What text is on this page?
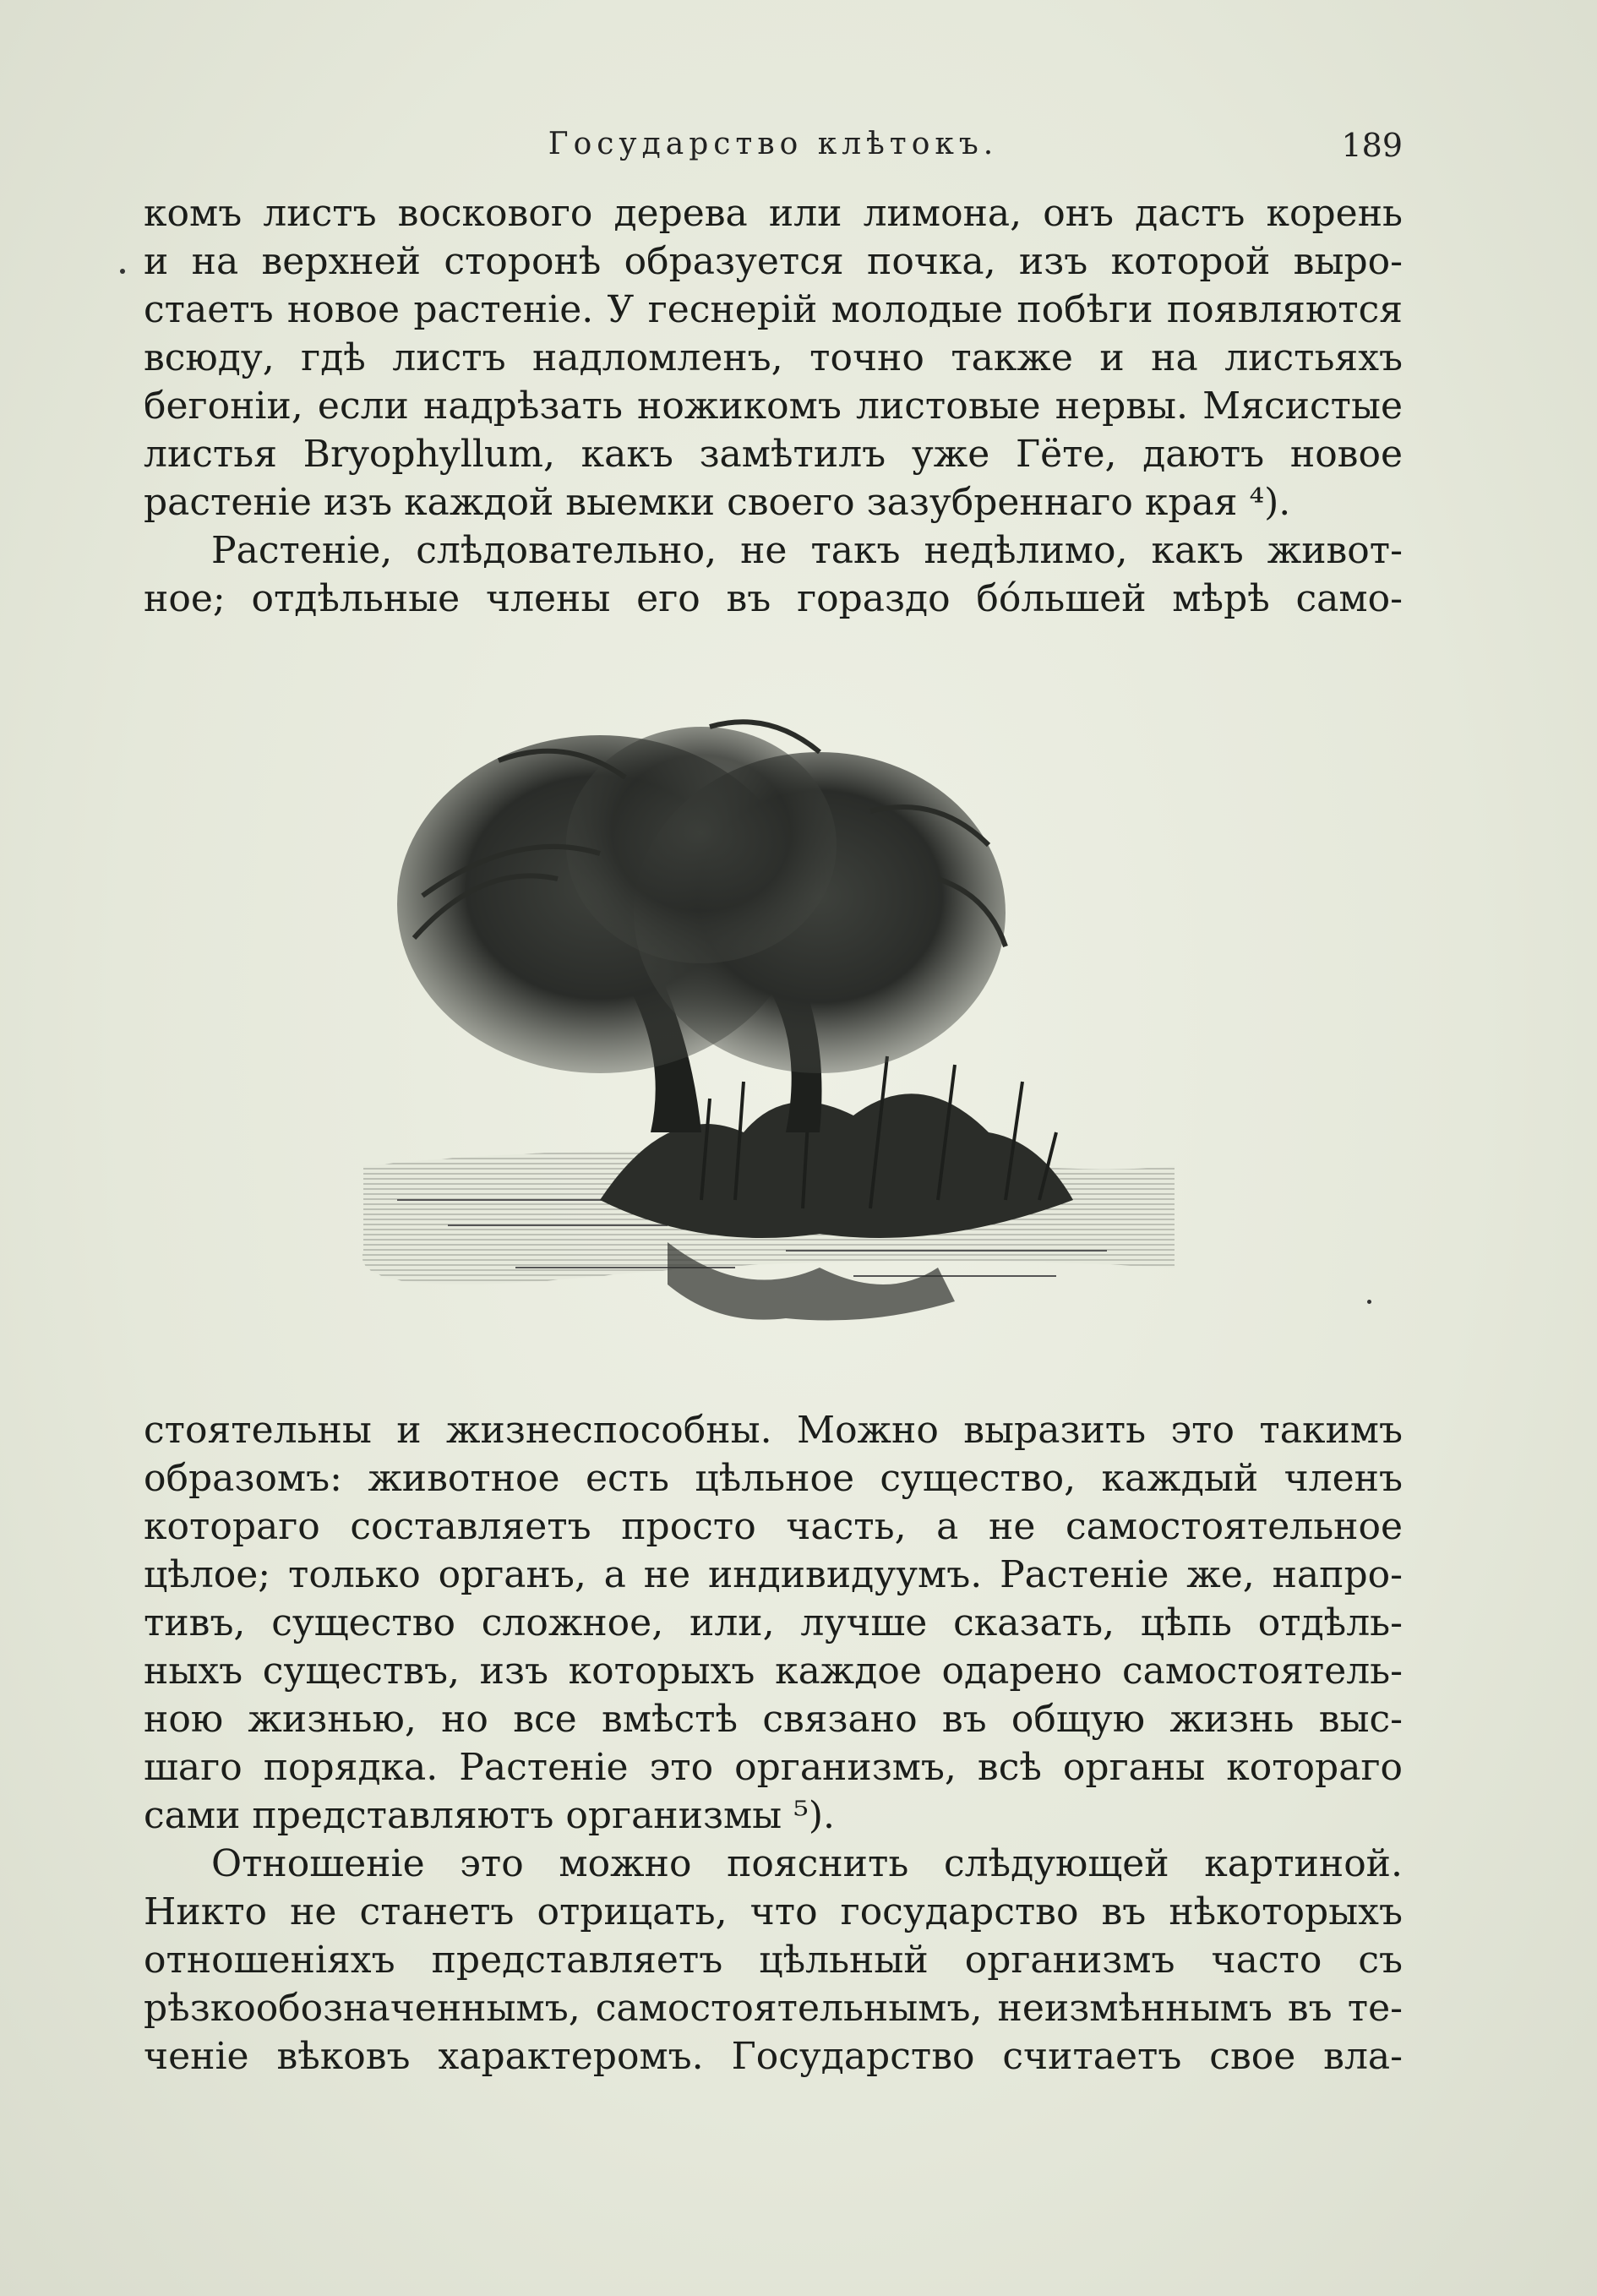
Государство клѣтокъ.	189
комъ листъ воскового дерева или лимона, онъ дастъ корень
и на верхней сторонѣ образуется почка, изъ которой выро-
стаетъ новое растеніе. У геснерій молодые побѣги появляются
всюду, гдѣ листъ надломленъ, точно также и на листьяхъ
бегоніи, если надрѣзать ножикомъ листовые нервы. Мясистые
листья Bryophyllum, какъ замѣтилъ уже Гёте, даютъ новое
растеніе изъ каждой выемки своего зазубреннаго края ⁴).
Растеніе, слѣдовательно, не такъ недѣлимо, какъ живот-
ное; отдѣльные члены его въ гораздо бóльшей мѣрѣ само-
стоятельны и жизнеспособны. Можно выразить это такимъ
образомъ: животное есть цѣльное существо, каждый членъ
котораго составляетъ просто часть, а не самостоятельное
цѣлое; только органъ, а не индивидуумъ. Растеніе же, напро-
тивъ, существо сложное, или, лучше сказать, цѣпь отдѣль-
ныхъ существъ, изъ которыхъ каждое одарено самостоятель-
ною жизнью, но все вмѣстѣ связано въ общую жизнь выс-
шаго порядка. Растеніе это организмъ, всѣ органы котораго
сами представляютъ организмы ⁵).
Отношеніе это можно пояснить слѣдующей картиной.
Никто не станетъ отрицать, что государство въ нѣкоторыхъ
отношеніяхъ представляетъ цѣльный организмъ часто съ
рѣзкообозначеннымъ, самостоятельнымъ, неизмѣннымъ въ те-
ченіе вѣковъ характеромъ. Государство считаетъ свое вла-
